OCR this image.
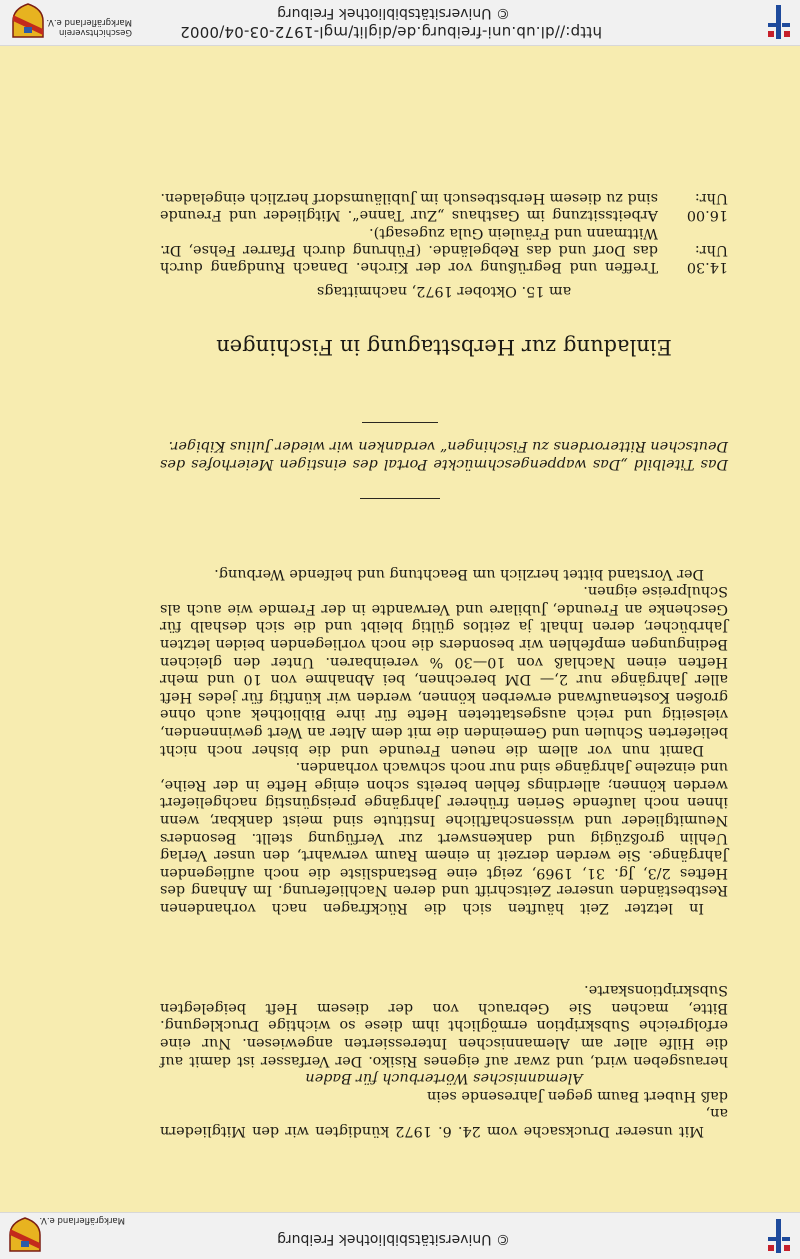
© Universitätsbibliothek Freiburg
Markgräflerland e.V.
© Universitätsbibliothek Freiburg
http://dl.ub.uni-freiburg.de/diglit/mgl-1972-03-04/0002
Geschichtsverein
Markgräflerland e.V.

Mit unserer Drucksache vom 24. 6. 1972 kündigten wir den Mitgliedern an,

daß Hubert Baum gegen Jahresende sein

Alemannisches Wörterbuch für Baden

herausgeben wird, und zwar auf eigenes Risiko. Der Verfasser ist damit auf die Hilfe aller am Alemannischen Interessierten angewiesen. Nur eine erfolgreiche Subskription ermöglicht ihm diese so wichtige Drucklegung. Bitte, machen Sie Gebrauch von der diesem Heft beigelegten Subskriptionskarte.

In letzter Zeit häuften sich die Rückfragen nach vorhandenen Restbeständen unserer Zeitschrift und deren Nachlieferung. Im Anhang des Heftes 2/3, Jg. 31, 1969, zeigt eine Bestandsliste die noch aufliegenden Jahrgänge. Sie werden derzeit in einem Raum verwahrt, den unser Verlag Uehlin großzügig und dankenswert zur Verfügung stellt. Besonders Neumitglieder und wissenschaftliche Institute sind meist dankbar, wenn ihnen noch laufende Serien früherer Jahrgänge preisgünstig nachgeliefert werden können; allerdings fehlen bereits schon einige Hefte in der Reihe, und einzelne Jahrgänge sind nur noch schwach vorhanden.

Damit nun vor allem die neuen Freunde und die bisher noch nicht belieferten Schulen und Gemeinden die mit dem Alter an Wert gewinnenden, vielseitig und reich ausgestatteten Hefte für ihre Bibliothek auch ohne großen Kostenaufwand erwerben können, werden wir künftig für jedes Heft aller Jahrgänge nur 2,— DM berechnen, bei Abnahme von 10 und mehr Heften einen Nachlaß von 10—30 % vereinbaren. Unter den gleichen Bedingungen empfehlen wir besonders die noch vorliegenden beiden letzten Jahrbücher, deren Inhalt ja zeitlos gültig bleibt und die sich deshalb für Geschenke an Freunde, Jubilare und Verwandte in der Fremde wie auch als Schulpreise eignen.

Der Vorstand bittet herzlich um Beachtung und helfende Werbung.

Das Titelbild „Das wappengeschmückte Portal des einstigen Meierhofes des Deutschen Ritterordens zu Fischingen“ verdanken wir wieder Julius Kibiger.
Einladung zur Herbsttagung in Fischingen
am 15. Oktober 1972, nachmittags
14.30 Uhr:
Treffen und Begrüßung vor der Kirche. Danach Rundgang durch das Dorf und das Rebgelände. (Führung durch Pfarrer Fehse, Dr. Wittmann und Fräulein Gula zugesagt).
16.00 Uhr:
Arbeitssitzung im Gasthaus „Zur Tanne“. Mitglieder und Freunde sind zu diesem Herbstbesuch im Jubiläumsdorf herzlich eingeladen.
